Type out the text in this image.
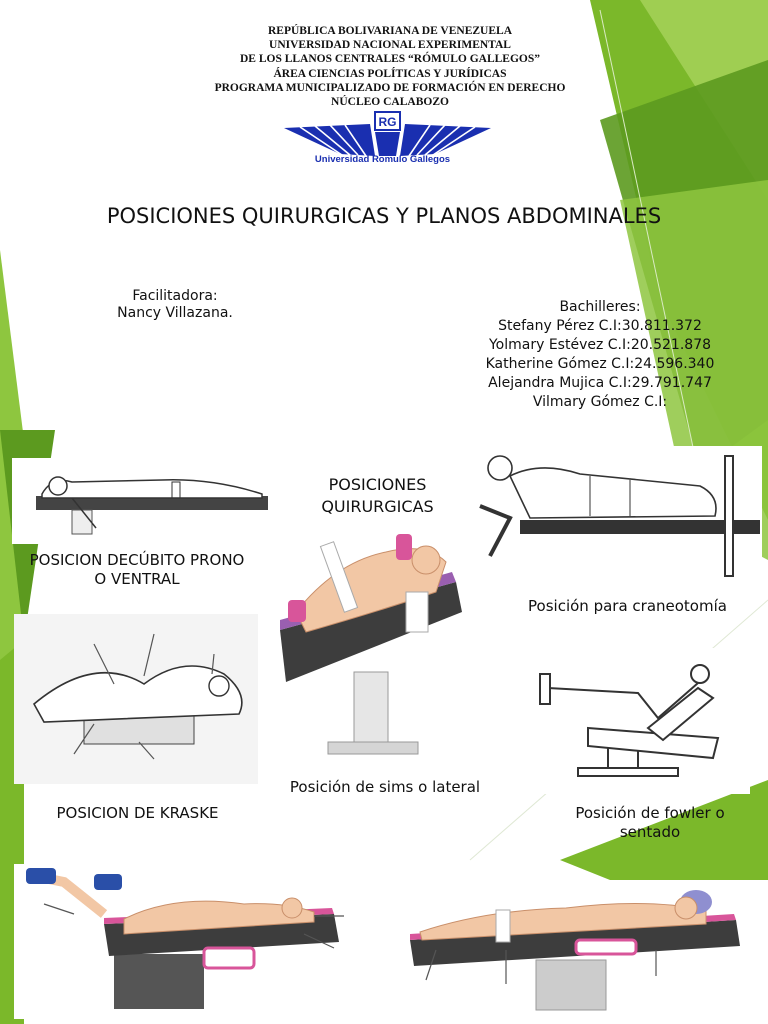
REPÚBLICA BOLIVARIANA DE VENEZUELA
UNIVERSIDAD NACIONAL EXPERIMENTAL
DE LOS LLANOS CENTRALES “RÓMULO GALLEGOS”
ÁREA CIENCIAS POLÍTICAS Y JURÍDICAS
PROGRAMA MUNICIPALIZADO DE FORMACIÓN EN DERECHO
NÚCLEO CALABOZO
RG
Universidad Romulo Gallegos
POSICIONES QUIRURGICAS Y PLANOS ABDOMINALES
Facilitadora:
Nancy Villazana.	Bachilleres:
Stefany Pérez C.I:30.811.372
Yolmary Estévez C.I:20.521.878
Katherine Gómez C.I:24.596.340
Alejandra Mujica C.I:29.791.747
Vilmary Gómez C.I:
POSICION DECÚBITO PRONO
O VENTRAL
POSICIONES
QUIRURGICAS
Posición para craneotomía
Posición de sims o lateral
POSICION DE KRASKE	Posición de fowler o
sentado
